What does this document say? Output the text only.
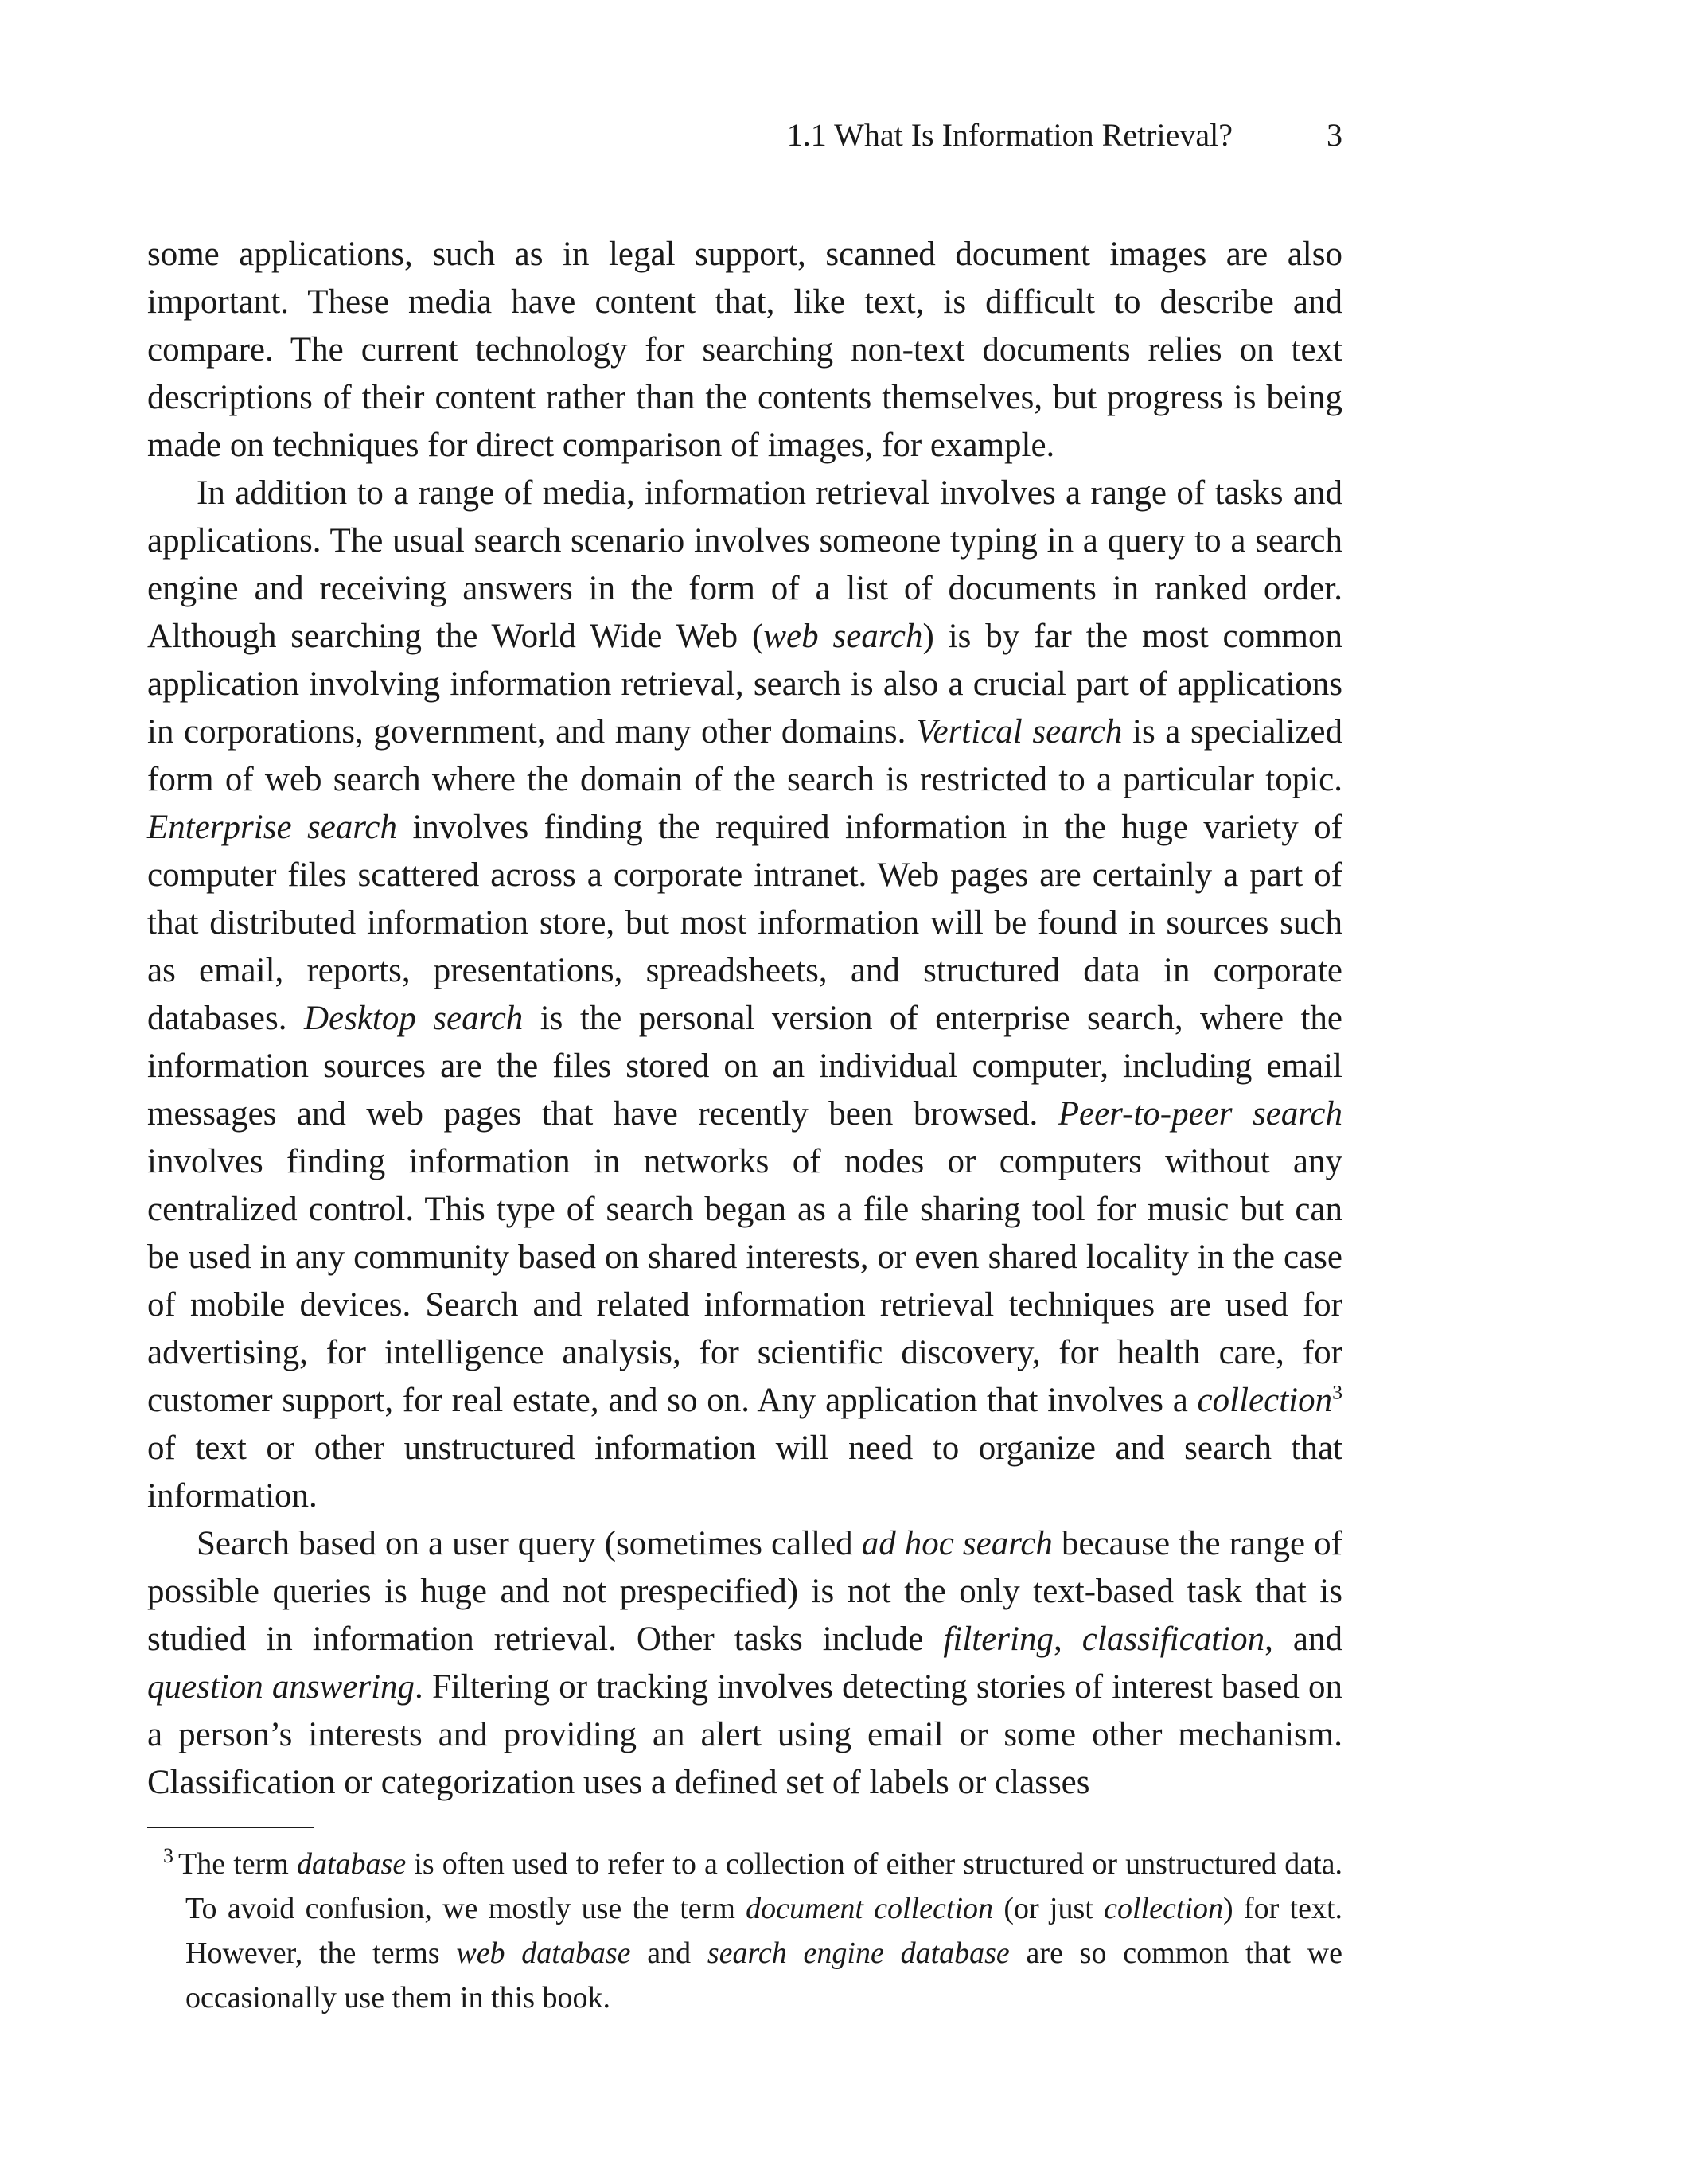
1.1 What Is Information Retrieval?	3

some applications, such as in legal support, scanned document images are also important. These media have content that, like text, is difficult to describe and compare. The current technology for searching non-text documents relies on text descriptions of their content rather than the contents themselves, but progress is being made on techniques for direct comparison of images, for example.

In addition to a range of media, information retrieval involves a range of tasks and applications. The usual search scenario involves someone typing in a query to a search engine and receiving answers in the form of a list of documents in ranked order. Although searching the World Wide Web (web search) is by far the most common application involving information retrieval, search is also a crucial part of applications in corporations, government, and many other domains. Vertical search is a specialized form of web search where the domain of the search is restricted to a particular topic. Enterprise search involves finding the required information in the huge variety of computer files scattered across a corporate intranet. Web pages are certainly a part of that distributed information store, but most information will be found in sources such as email, reports, presentations, spreadsheets, and structured data in corporate databases. Desktop search is the personal version of enterprise search, where the information sources are the files stored on an individual computer, including email messages and web pages that have recently been browsed. Peer-to-peer search involves finding information in networks of nodes or computers without any centralized control. This type of search began as a file sharing tool for music but can be used in any community based on shared interests, or even shared locality in the case of mobile devices. Search and related information retrieval techniques are used for advertising, for intelligence analysis, for scientific discovery, for health care, for customer support, for real estate, and so on. Any application that involves a collection$^3$ of text or other unstructured information will need to organize and search that information.

Search based on a user query (sometimes called ad hoc search because the range of possible queries is huge and not prespecified) is not the only text-based task that is studied in information retrieval. Other tasks include filtering, classification, and question answering. Filtering or tracking involves detecting stories of interest based on a person’s interests and providing an alert using email or some other mechanism. Classification or categorization uses a defined set of labels or classes

$^3$ The term database is often used to refer to a collection of either structured or unstructured data. To avoid confusion, we mostly use the term document collection (or just collection) for text. However, the terms web database and search engine database are so common that we occasionally use them in this book.
